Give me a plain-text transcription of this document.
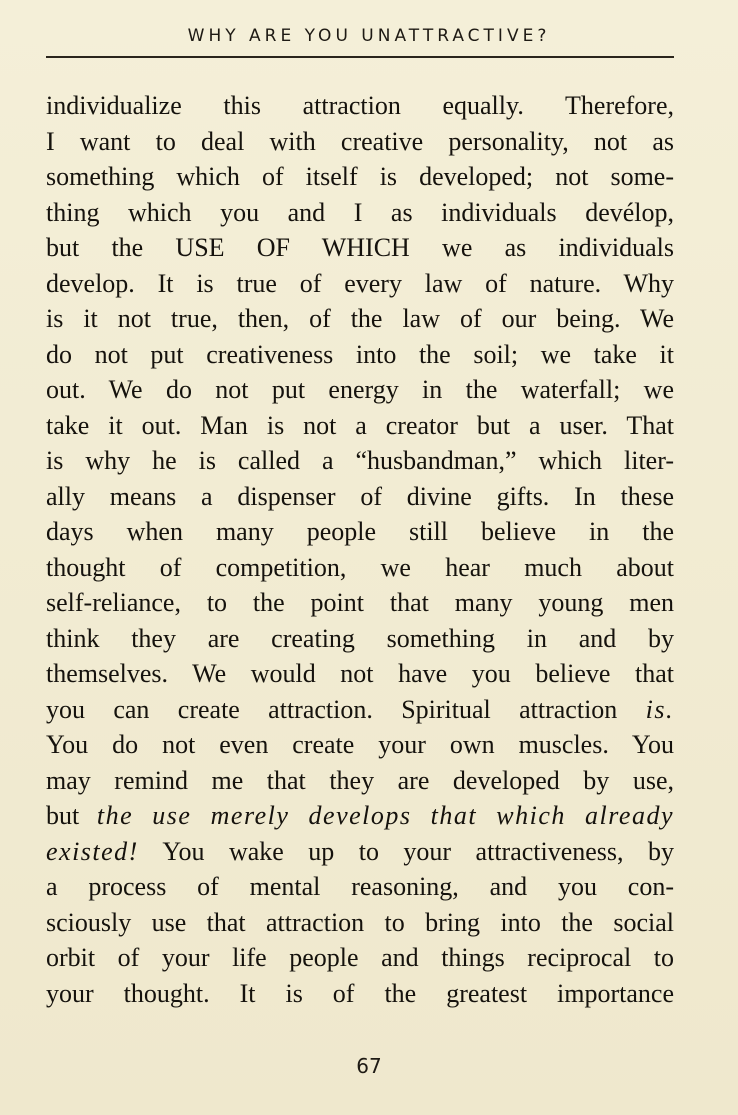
WHY ARE YOU UNATTRACTIVE?
individualize this attraction equally. Therefore,
I want to deal with creative personality, not as
something which of itself is developed; not some-
thing which you and I as individuals devélop,
but the USE OF WHICH we as individuals
develop. It is true of every law of nature. Why
is it not true, then, of the law of our being. We
do not put creativeness into the soil; we take it
out. We do not put energy in the waterfall; we
take it out. Man is not a creator but a user. That
is why he is called a “husbandman,” which liter-
ally means a dispenser of divine gifts. In these
days when many people still believe in the
thought of competition, we hear much about
self-reliance, to the point that many young men
think they are creating something in and by
themselves. We would not have you believe that
you can create attraction. Spiritual attraction is.
You do not even create your own muscles. You
may remind me that they are developed by use,
but the use merely develops that which already
existed! You wake up to your attractiveness, by
a process of mental reasoning, and you con-
sciously use that attraction to bring into the social
orbit of your life people and things reciprocal to
your thought. It is of the greatest importance
67
